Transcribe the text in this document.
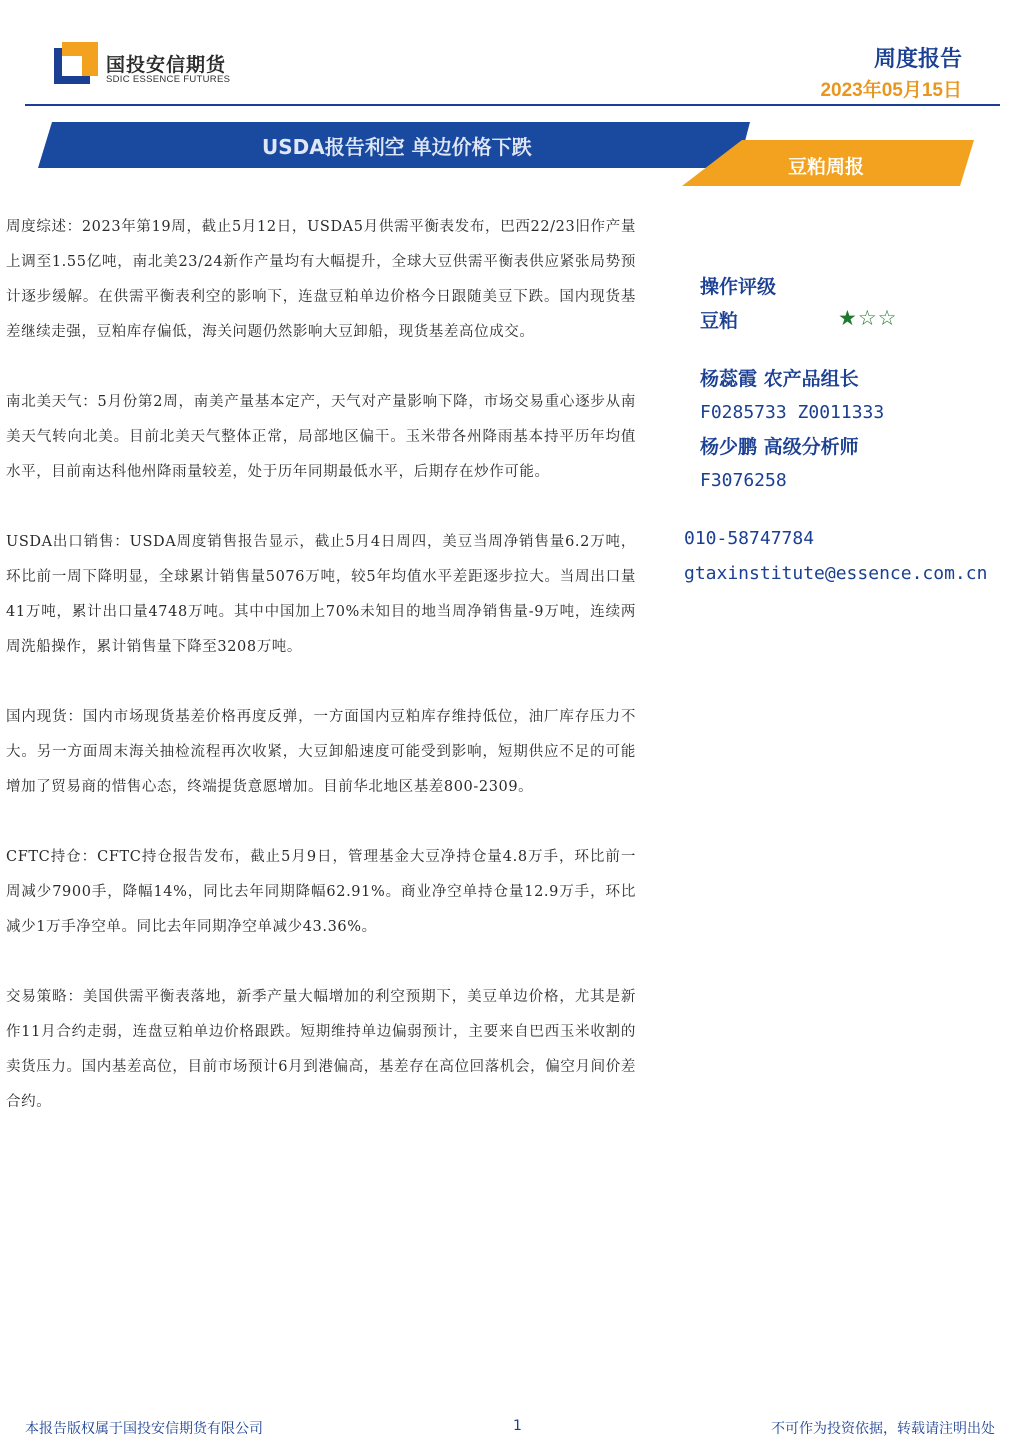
国投安信期货
SDIC ESSENCE FUTURES
周度报告
2023年05月15日
USDA报告利空 单边价格下跌
豆粕周报

周度综述：2023年第19周，截止5月12日，USDA5月供需平衡表发布，巴西22/23旧作产量上调至1.55亿吨，南北美23/24新作产量均有大幅提升，全球大豆供需平衡表供应紧张局势预计逐步缓解。在供需平衡表利空的影响下，连盘豆粕单边价格今日跟随美豆下跌。国内现货基差继续走强，豆粕库存偏低，海关问题仍然影响大豆卸船，现货基差高位成交。

南北美天气：5月份第2周，南美产量基本定产，天气对产量影响下降，市场交易重心逐步从南美天气转向北美。目前北美天气整体正常，局部地区偏干。玉米带各州降雨基本持平历年均值水平，目前南达科他州降雨量较差，处于历年同期最低水平，后期存在炒作可能。

USDA出口销售：USDA周度销售报告显示，截止5月4日周四，美豆当周净销售量6.2万吨，环比前一周下降明显，全球累计销售量5076万吨，较5年均值水平差距逐步拉大。当周出口量41万吨，累计出口量4748万吨。其中中国加上70%未知目的地当周净销售量-9万吨，连续两周洗船操作，累计销售量下降至3208万吨。

国内现货：国内市场现货基差价格再度反弹，一方面国内豆粕库存维持低位，油厂库存压力不大。另一方面周末海关抽检流程再次收紧，大豆卸船速度可能受到影响，短期供应不足的可能增加了贸易商的惜售心态，终端提货意愿增加。目前华北地区基差800-2309。

CFTC持仓：CFTC持仓报告发布，截止5月9日，管理基金大豆净持仓量4.8万手，环比前一周减少7900手，降幅14%，同比去年同期降幅62.91%。商业净空单持仓量12.9万手，环比减少1万手净空单。同比去年同期净空单减少43.36%。

交易策略：美国供需平衡表落地，新季产量大幅增加的利空预期下，美豆单边价格，尤其是新作11月合约走弱，连盘豆粕单边价格跟跌。短期维持单边偏弱预计，主要来自巴西玉米收割的卖货压力。国内基差高位，目前市场预计6月到港偏高，基差存在高位回落机会，偏空月间价差合约。

操作评级
豆粕	★☆☆
杨蕊霞 农产品组长
F0285733 Z0011333
杨少鹏 高级分析师
F3076258
010-58747784
gtaxinstitute@essence.com.cn
本报告版权属于国投安信期货有限公司	1	不可作为投资依据，转载请注明出处
